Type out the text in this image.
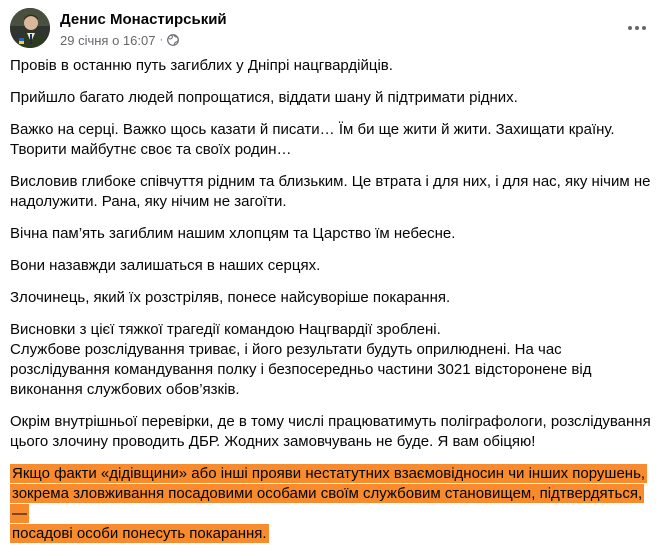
Денис Монастирський
29 січня о 16:07 ·

Провів в останню путь загиблих у Дніпрі нацгвардійців.

Прийшло багато людей попрощатися, віддати шану й підтримати рідних.

Важко на серці. Важко щось казати й писати… Їм би ще жити й жити. Захищати країну.
Творити майбутнє своє та своїх родин…

Висловив глибоке співчуття рідним та близьким. Це втрата і для них, і для нас, яку нічим не
надолужити. Рана, яку нічим не загоїти.

Вічна пам’ять загиблим нашим хлопцям та Царство їм небесне.

Вони назавжди залишаться в наших серцях.

Злочинець, який їх розстріляв, понесе найсуворіше покарання.

Висновки з цієї тяжкої трагедії командою Нацгвардії зроблені.
Службове розслідування триває, і його результати будуть оприлюднені. На час
розслідування командування полку і безпосередньо частини 3021 відсторонене від
виконання службових обов’язків.

Окрім внутрішньої перевірки, де в тому числі працюватимуть поліграфологи, розслідування
цього злочину проводить ДБР. Жодних замовчувань не буде. Я вам обіцяю!

Якщо факти «дідівщини» або інші прояви нестатутних взаємовідносин чи інших порушень,
зокрема зловживання посадовими особами своїм службовим становищем, підтвердяться, —
посадові особи понесуть покарання.
